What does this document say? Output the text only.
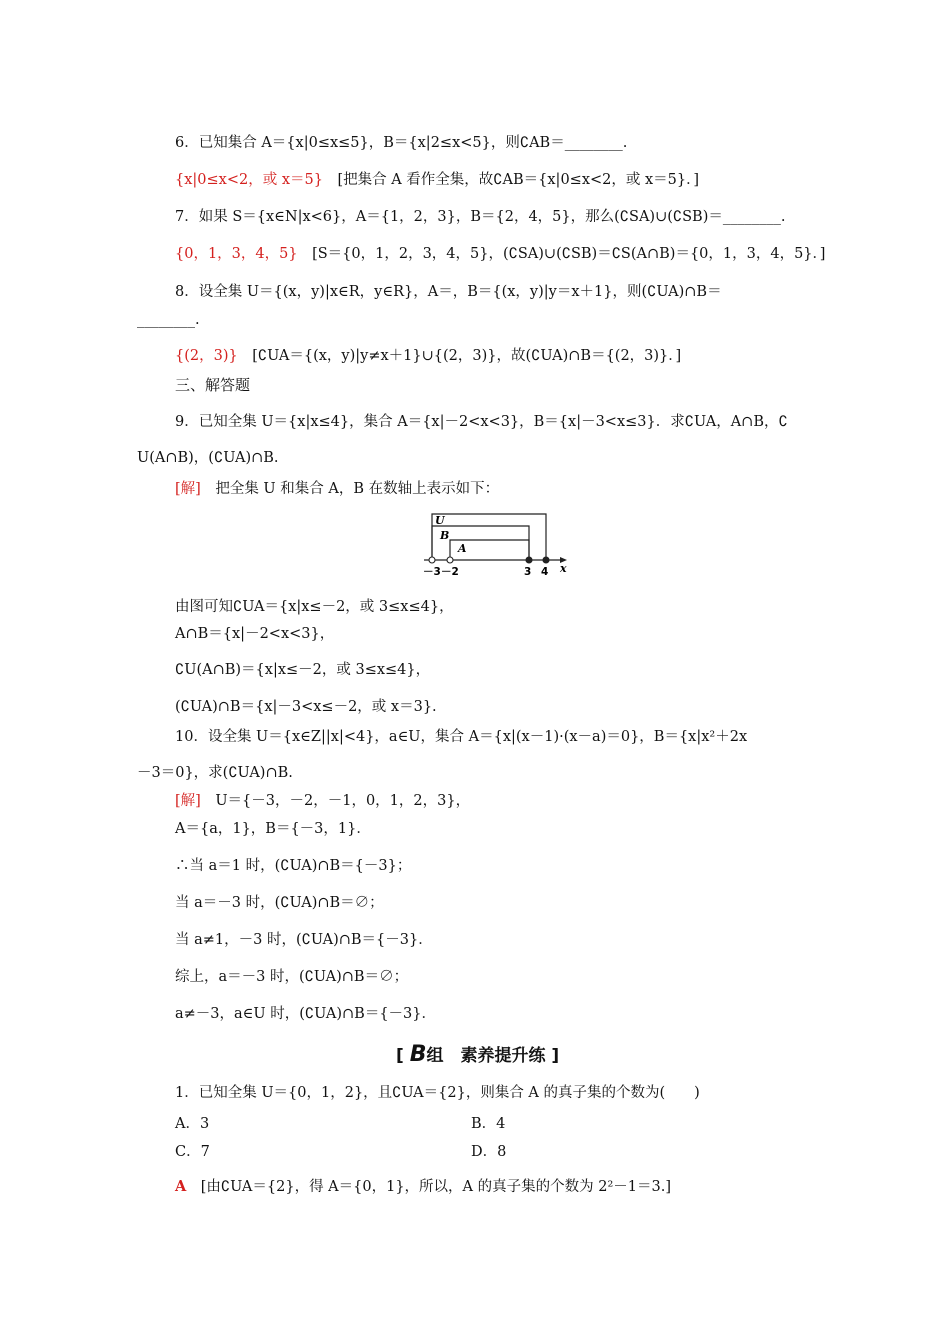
6．已知集合 A＝{x|0≤x≤5}，B＝{x|2≤x<5}，则∁AB＝________.
{x|0≤x<2，或 x＝5}　 [把集合 A 看作全集，故∁AB＝{x|0≤x<2，或 x＝5}．]
7．如果 S＝{x∈N|x<6}，A＝{1，2，3}，B＝{2，4，5}，那么(∁SA)∪(∁SB)＝________.
{0，1，3，4，5}　 [S＝{0，1，2，3，4，5}，(∁SA)∪(∁SB)＝∁S(A∩B)＝{0，1，3，4，5}．]
8．设全集 U＝{(x，y)|x∈R，y∈R}，A＝，B＝{(x，y)|y＝x＋1}，则(∁UA)∩B＝
________.
{(2，3)}　 [∁UA＝{(x，y)|y≠x＋1}∪{(2，3)}，故(∁UA)∩B＝{(2，3)}．]
三、解答题
9．已知全集 U＝{x|x≤4}，集合 A＝{x|－2<x<3}，B＝{x|－3<x≤3}．求∁UA，A∩B，∁
U(A∩B)，(∁UA)∩B.
[解]　 把全集 U 和集合 A，B 在数轴上表示如下：
U
B
A
x
－3 －2	3 4
由图可知∁UA＝{x|x≤－2，或 3≤x≤4}，
A∩B＝{x|－2<x<3}，
∁U(A∩B)＝{x|x≤－2，或 3≤x≤4}，
(∁UA)∩B＝{x|－3<x≤－2，或 x＝3}.
10．设全集 U＝{x∈Z||x|<4}，a∈U，集合 A＝{x|(x－1)·(x－a)＝0}，B＝{x|x²＋2x
－3＝0}，求(∁UA)∩B.
[解]　 U＝{－3，－2，－1，0，1，2，3}，
A＝{a，1}，B＝{－3，1}．
∴当 a＝1 时，(∁UA)∩B＝{－3}；
当 a＝－3 时，(∁UA)∩B＝∅；
当 a≠1，－3 时，(∁UA)∩B＝{－3}．
综上，a＝－3 时，(∁UA)∩B＝∅；
a≠－3，a∈U 时，(∁UA)∩B＝{－3}．
[ B组　素养提升练 ]
1．已知全集 U＝{0，1，2}，且∁UA＝{2}，则集合 A 的真子集的个数为(　　)
A．3	B．4
C．7	D．8
A　 [由∁UA＝{2}，得 A＝{0，1}，所以，A 的真子集的个数为 2²－1＝3.]
